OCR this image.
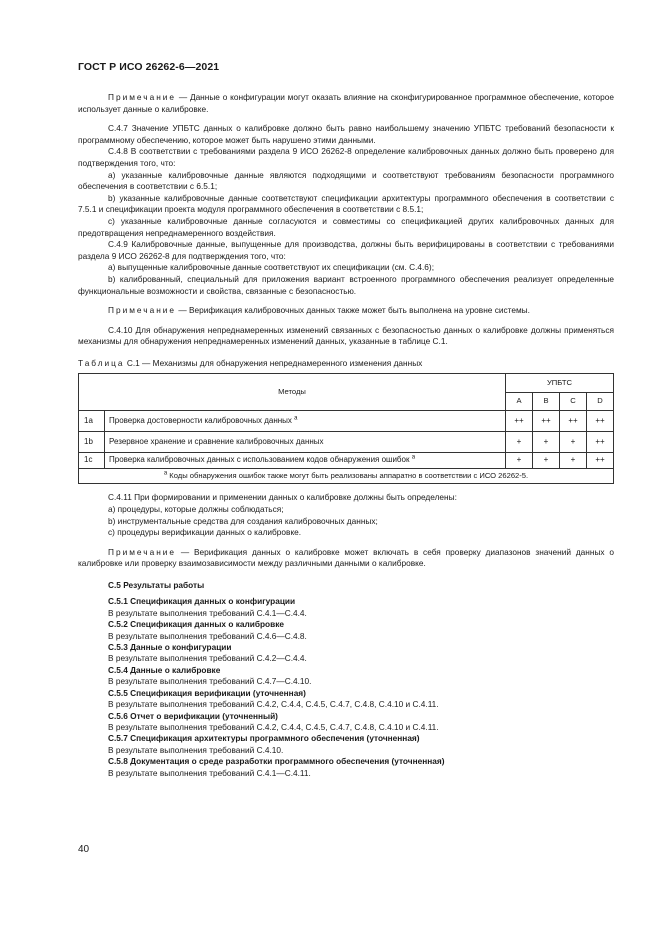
ГОСТ Р ИСО 26262-6—2021

Примечание — Данные о конфигурации могут оказать влияние на сконфигурированное программное обеспечение, которое использует данные о калибровке.

С.4.7 Значение УПБТС данных о калибровке должно быть равно наибольшему значению УПБТС требований безопасности к программному обеспечению, которое может быть нарушено этими данными.

С.4.8 В соответствии с требованиями раздела 9 ИСО 26262-8 определение калибровочных данных должно быть проверено для подтверждения того, что:

а) указанные калибровочные данные являются подходящими и соответствуют требованиям безопасности программного обеспечения в соответствии с 6.5.1;

b) указанные калибровочные данные соответствуют спецификации архитектуры программного обеспечения в соответствии с 7.5.1 и спецификации проекта модуля программного обеспечения в соответствии с 8.5.1;

с) указанные калибровочные данные согласуются и совместимы со спецификацией других калибровочных данных для предотвращения непреднамеренного воздействия.

С.4.9 Калибровочные данные, выпущенные для производства, должны быть верифицированы в соответствии с требованиями раздела 9 ИСО 26262-8 для подтверждения того, что:

а) выпущенные калибровочные данные соответствуют их спецификации (см. С.4.6);

b) калиброванный, специальный для приложения вариант встроенного программного обеспечения реализует определенные функциональные возможности и свойства, связанные с безопасностью.

Примечание — Верификация калибровочных данных также может быть выполнена на уровне системы.

С.4.10 Для обнаружения непреднамеренных изменений связанных с безопасностью данных о калибровке должны применяться механизмы для обнаружения непреднамеренных изменений данных, указанные в таблице С.1.

Таблица С.1 — Механизмы для обнаружения непреднамеренного изменения данных

Методы		УПБТС			
		A	B	C	D
1a	Проверка достоверности калибровочных данных $^a$	++	++	++	++
1b	Резервное хранение и сравнение калибровочных данных	+	+	+	++
1c	Проверка калибровочных данных с использованием кодов обнаружения ошибок $^a$	+	+	+	++
$^a$ Коды обнаружения ошибок также могут быть реализованы аппаратно в соответствии с ИСО 26262-5.					

С.4.11 При формировании и применении данных о калибровке должны быть определены:

а) процедуры, которые должны соблюдаться;

b) инструментальные средства для создания калибровочных данных;

с) процедуры верификации данных о калибровке.

Примечание — Верификация данных о калибровке может включать в себя проверку диапазонов значений данных о калибровке или проверку взаимозависимости между различными данными о калибровке.

С.5 Результаты работы
С.5.1 Спецификация данных о конфигурации
В результате выполнения требований С.4.1—С.4.4.
С.5.2 Спецификация данных о калибровке
В результате выполнения требований С.4.6—С.4.8.
С.5.3 Данные о конфигурации
В результате выполнения требований С.4.2—С.4.4.
С.5.4 Данные о калибровке
В результате выполнения требований С.4.7—С.4.10.
С.5.5 Спецификация верификации (уточненная)
В результате выполнения требований С.4.2, С.4.4, С.4.5, С.4.7, С.4.8, С.4.10 и С.4.11.
С.5.6 Отчет о верификации (уточненный)
В результате выполнения требований С.4.2, С.4.4, С.4.5, С.4.7, С.4.8, С.4.10 и С.4.11.
С.5.7 Спецификация архитектуры программного обеспечения (уточненная)
В результате выполнения требований С.4.10.
С.5.8 Документация о среде разработки программного обеспечения (уточненная)
В результате выполнения требований С.4.1—С.4.11.
40
